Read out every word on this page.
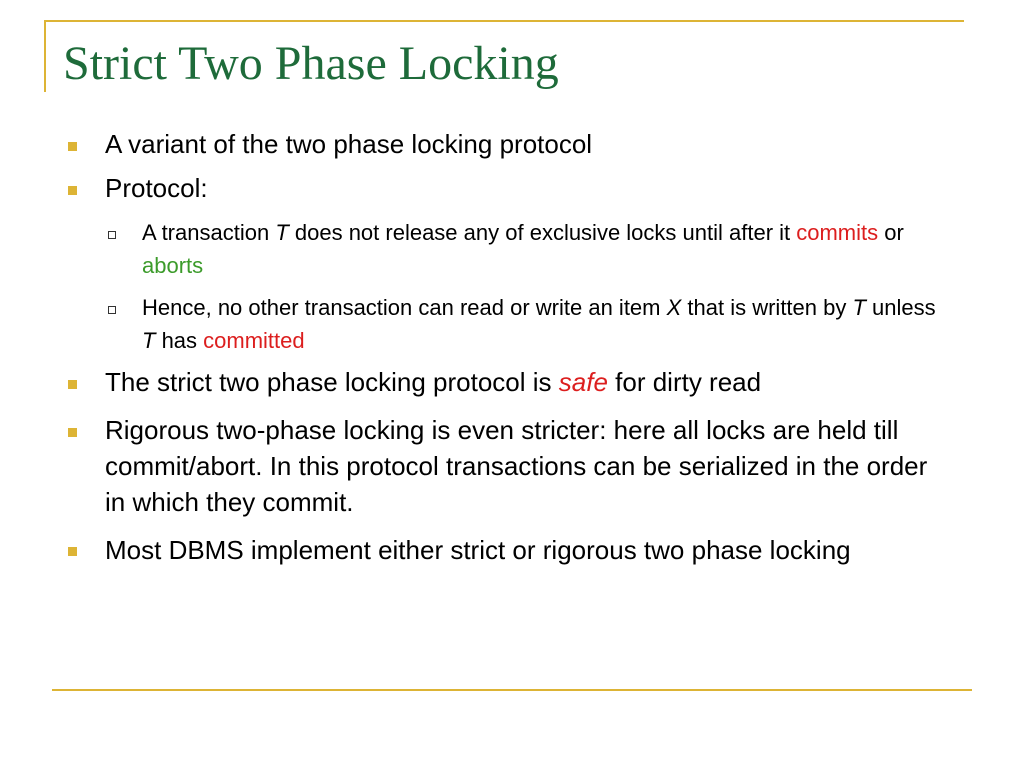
Strict Two Phase Locking
A variant of the two phase locking protocol
Protocol:
A transaction T does not release any of exclusive locks until after it commits or aborts
Hence, no other transaction can read or write an item X that is written by T unless T has committed
The strict two phase locking protocol is safe for dirty read
Rigorous two-phase locking is even stricter: here all locks are held till commit/abort. In this protocol transactions can be serialized in the order in which they commit.
Most DBMS implement either strict or rigorous two phase locking
